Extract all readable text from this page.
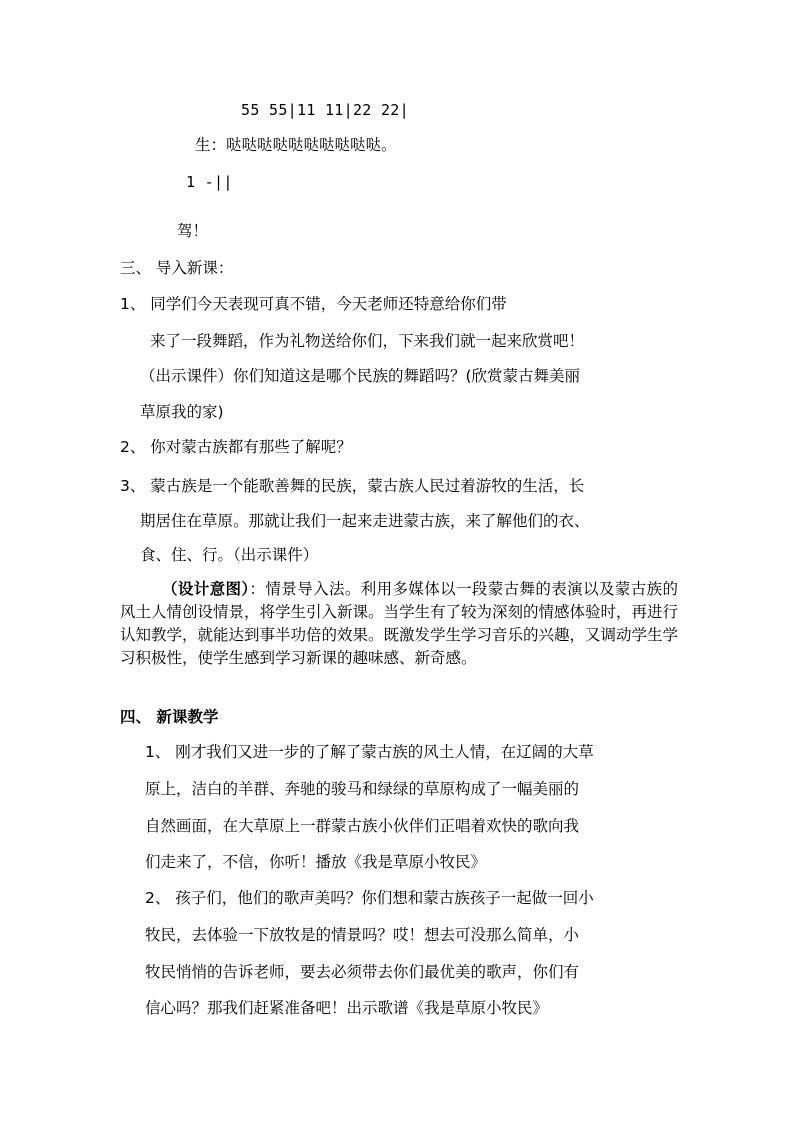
55 55|11 11|22 22|
生：哒哒哒哒哒哒哒哒哒哒。
1 -||
驾！
三、 导入新课：
1、 同学们今天表现可真不错，今天老师还特意给你们带
来了一段舞蹈，作为礼物送给你们，下来我们就一起来欣赏吧！
（出示课件）你们知道这是哪个民族的舞蹈吗？(欣赏蒙古舞美丽
草原我的家)
2、 你对蒙古族都有那些了解呢？
3、 蒙古族是一个能歌善舞的民族，蒙古族人民过着游牧的生活，长
期居住在草原。那就让我们一起来走进蒙古族，来了解他们的衣、
食、住、行。（出示课件）
（设计意图）：情景导入法。利用多媒体以一段蒙古舞的表演以及蒙古族的风土人情创设情景，将学生引入新课。当学生有了较为深刻的情感体验时，再进行认知教学，就能达到事半功倍的效果。既激发学生学习音乐的兴趣，又调动学生学习积极性，使学生感到学习新课的趣味感、新奇感。
四、 新课教学
1、 刚才我们又进一步的了解了蒙古族的风土人情，在辽阔的大草
原上，洁白的羊群、奔驰的骏马和绿绿的草原构成了一幅美丽的
自然画面，在大草原上一群蒙古族小伙伴们正唱着欢快的歌向我
们走来了，不信，你听！播放《我是草原小牧民》
2、 孩子们，他们的歌声美吗？你们想和蒙古族孩子一起做一回小
牧民，去体验一下放牧是的情景吗？哎！想去可没那么简单，小
牧民悄悄的告诉老师，要去必须带去你们最优美的歌声，你们有
信心吗？那我们赶紧准备吧！出示歌谱《我是草原小牧民》
